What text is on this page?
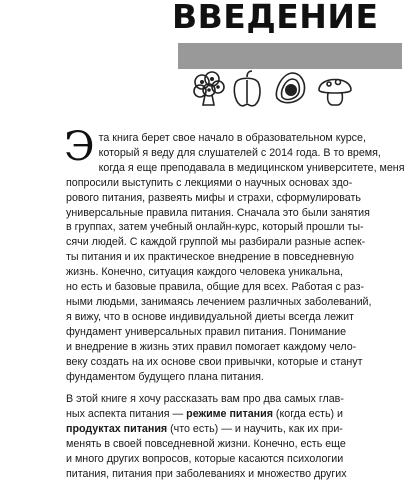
ВВЕДЕНИЕ

Э та книга берет свое начало в образовательном курсе,
который я веду для слушателей с 2014 года. В то время,
когда я еще преподавала в медицинском университете, меня
попросили выступить с лекциями о научных основах здо-
рового питания, развеять мифы и страхи, сформулировать
универсальные правила питания. Сначала это были занятия
в группах, затем учебный онлайн-курс, который прошли ты-
сячи людей. С каждой группой мы разбирали разные аспек-
ты питания и их практическое внедрение в повседневную
жизнь. Конечно, ситуация каждого человека уникальна,
но есть и базовые правила, общие для всех. Работая с раз-
ными людьми, занимаясь лечением различных заболеваний,
я вижу, что в основе индивидуальной диеты всегда лежит
фундамент универсальных правил питания. Понимание
и внедрение в жизнь этих правил помогает каждому чело-
веку создать на их основе свои привычки, которые и станут
фундаментом будущего плана питания.

В этой книге я хочу рассказать вам про два самых глав-
ных аспекта питания — режиме питания (когда есть) и
продуктах питания (что есть) — и научить, как их при-
менять в своей повседневной жизни. Конечно, есть еще
и много других вопросов, которые касаются психологии
питания, питания при заболеваниях и множество других
